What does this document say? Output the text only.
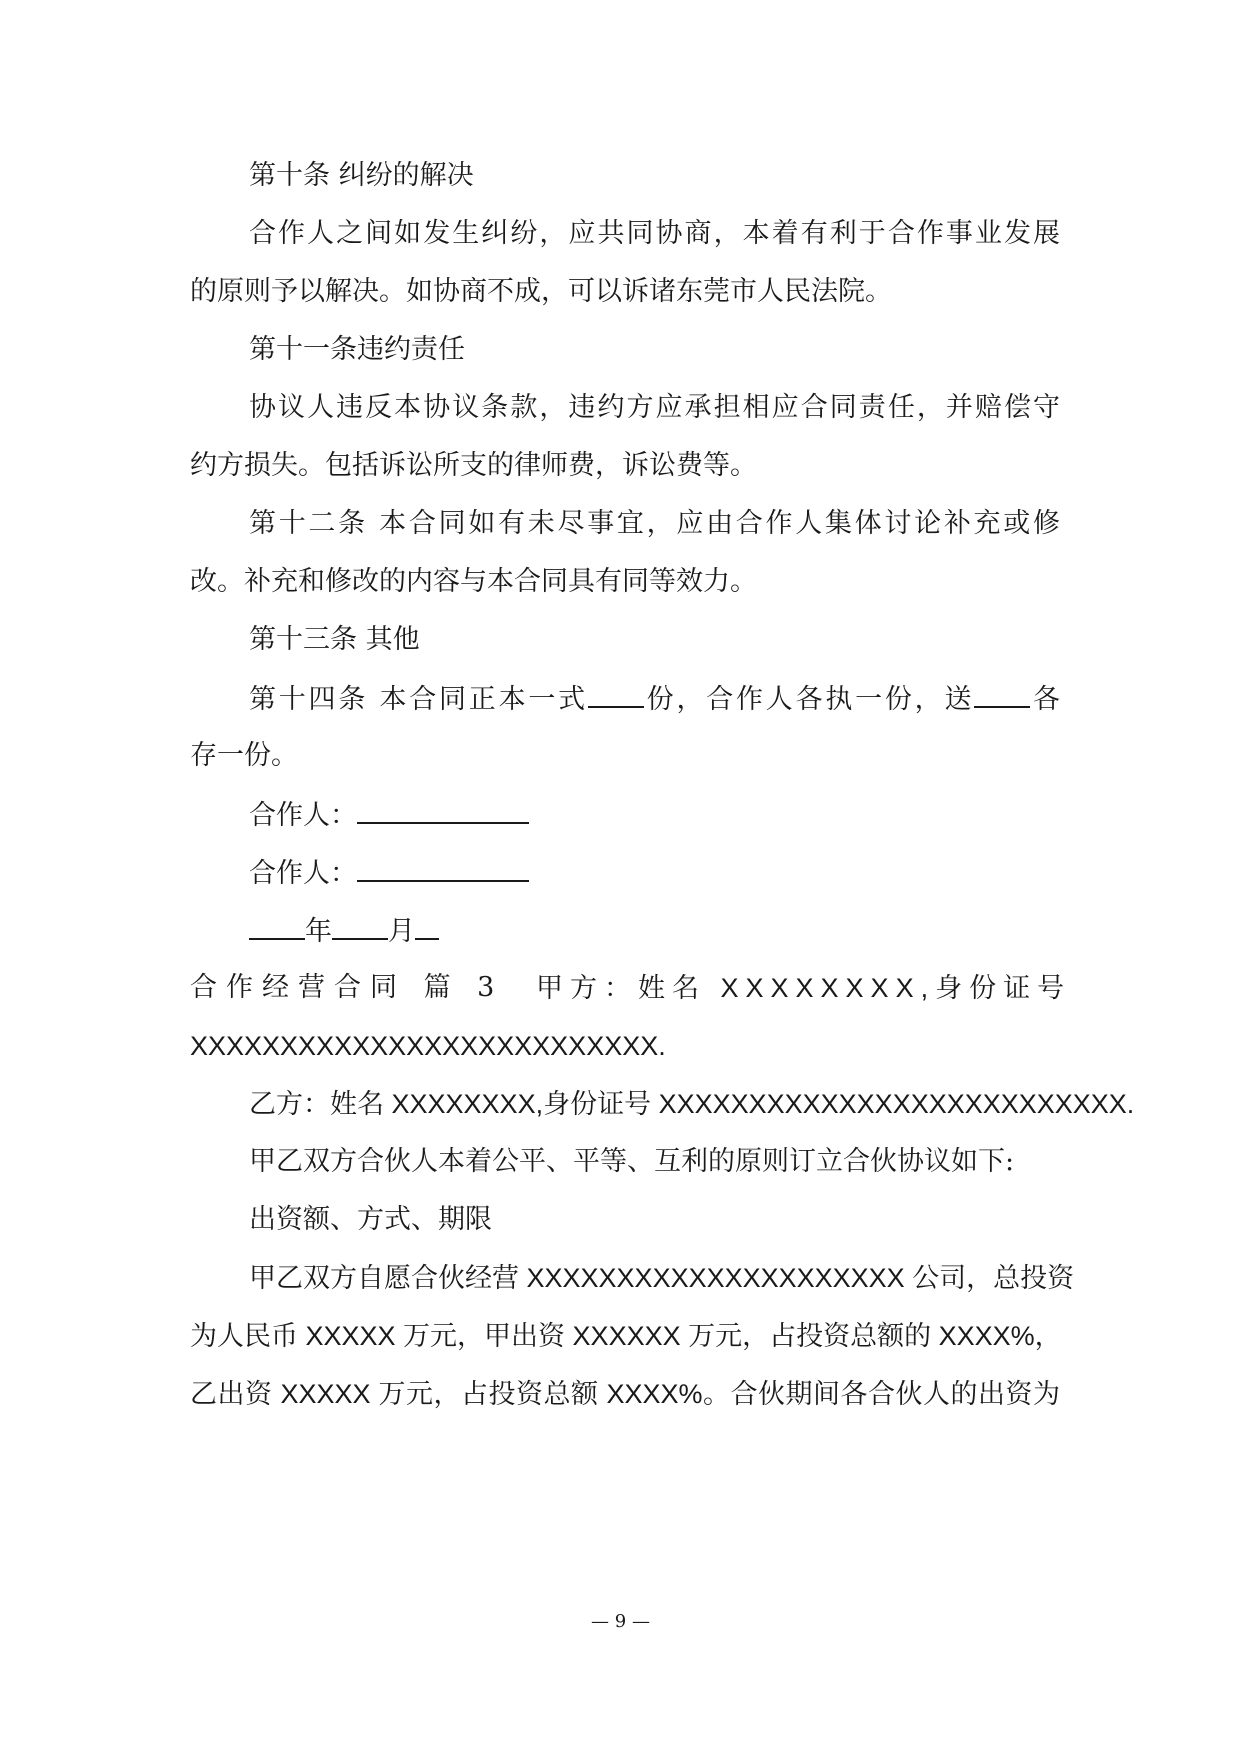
第十条 纠纷的解决
合作人之间如发生纠纷，应共同协商，本着有利于合作事业发展
的原则予以解决。如协商不成，可以诉诸东莞市人民法院。
第十一条违约责任
协议人违反本协议条款，违约方应承担相应合同责任，并赔偿守
约方损失。包括诉讼所支的律师费，诉讼费等。
第十二条 本合同如有未尽事宜，应由合作人集体讨论补充或修
改。补充和修改的内容与本合同具有同等效力。
第十三条 其他
第十四条 本合同正本一式 份，合作人各执一份，送 各
存一份。
合作人：
合作人：
年 月
合作经营合同 篇 3 甲方：姓名 XXXXXXXX,身份证号
XXXXXXXXXXXXXXXXXXXXXXXXXX.
乙方：姓名 XXXXXXXX,身份证号 XXXXXXXXXXXXXXXXXXXXXXXXXX.
甲乙双方合伙人本着公平、平等、互利的原则订立合伙协议如下:
出资额、方式、期限
甲乙双方自愿合伙经营 XXXXXXXXXXXXXXXXXXXXX 公司，总投资
为人民币 XXXXX 万元，甲出资 XXXXXX 万元，占投资总额的 XXXX%，
乙出资 XXXXX 万元，占投资总额 XXXX%。合伙期间各合伙人的出资为
— 9 —
